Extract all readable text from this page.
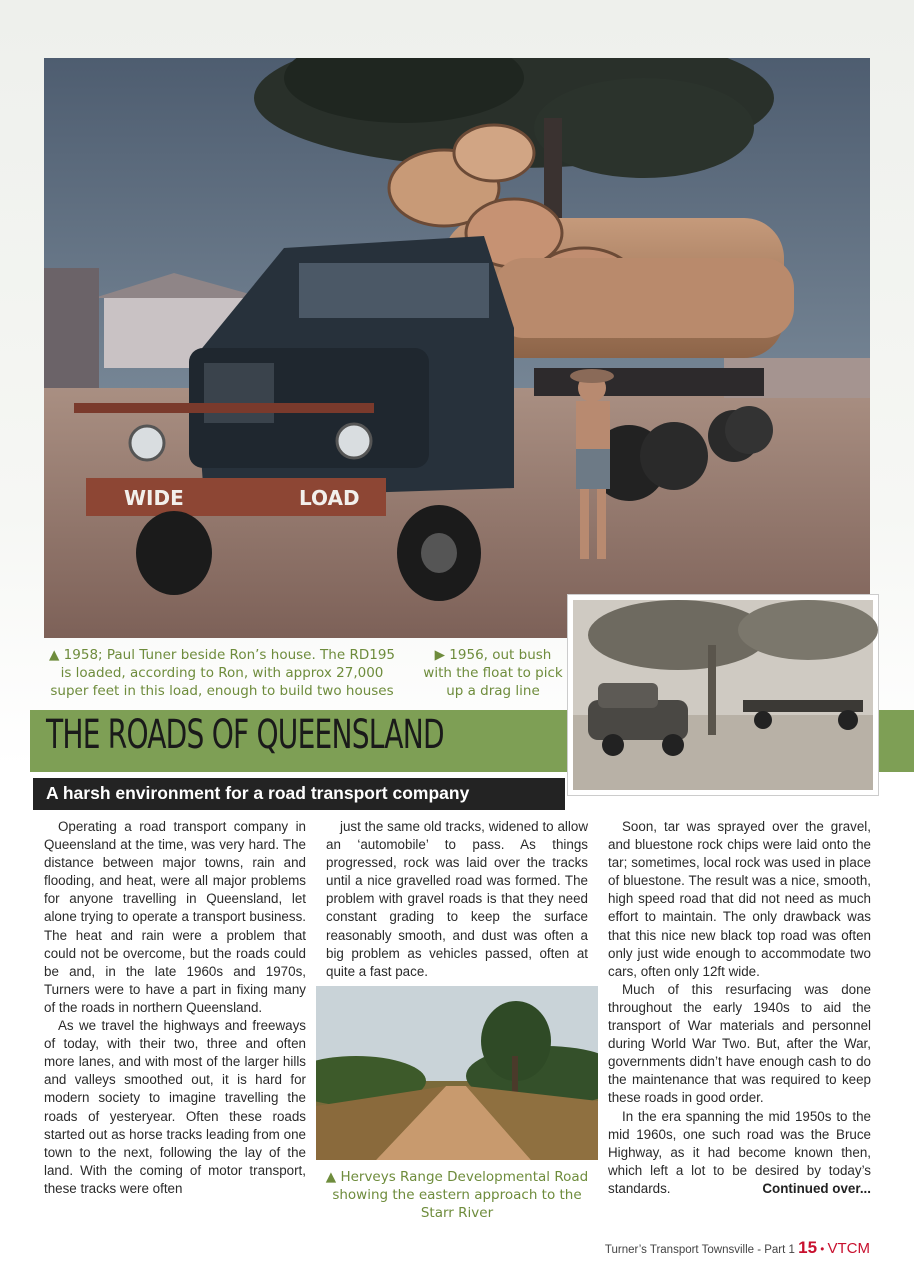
WIDE	LOAD
▲ 1958; Paul Tuner beside Ron’s house. The RD195 is loaded, according to Ron, with approx 27,000 super feet in this load, enough to build two houses
▶ 1956, out bush with the float to pick up a drag line
THE ROADS OF QUEENSLAND
A harsh environment for a road transport company

Operating a road transport company in Queensland at the time, was very hard. The distance between major towns, rain and flooding, and heat, were all major problems for anyone travelling in Queensland, let alone trying to operate a transport business. The heat and rain were a problem that could not be overcome, but the roads could be and, in the late 1960s and 1970s, Turners were to have a part in fixing many of the roads in northern Queensland.

As we travel the highways and freeways of today, with their two, three and often more lanes, and with most of the larger hills and valleys smoothed out, it is hard for modern society to imagine travelling the roads of yesteryear. Often these roads started out as horse tracks leading from one town to the next, following the lay of the land. With the coming of motor transport, these tracks were often

just the same old tracks, widened to allow an ‘automobile’ to pass. As things progressed, rock was laid over the tracks until a nice gravelled road was formed. The problem with gravel roads is that they need constant grading to keep the surface reasonably smooth, and dust was often a big problem as vehicles passed, often at quite a fast pace.

▲ Herveys Range Developmental Road showing the eastern approach to the Starr River

Soon, tar was sprayed over the gravel, and bluestone rock chips were laid onto the tar; sometimes, local rock was used in place of bluestone. The result was a nice, smooth, high speed road that did not need as much effort to maintain. The only drawback was that this nice new black top road was often only just wide enough to accommodate two cars, often only 12ft wide.

Much of this resurfacing was done throughout the early 1940s to aid the transport of War materials and personnel during World War Two. But, after the War, governments didn’t have enough cash to do the maintenance that was required to keep these roads in good order.

In the era spanning the mid 1950s to the mid 1960s, one such road was the Bruce Highway, as it had become known then, which left a lot to be desired by today’s standards.	Continued over...

Turner’s Transport Townsville - Part 1 15 • VTCM
